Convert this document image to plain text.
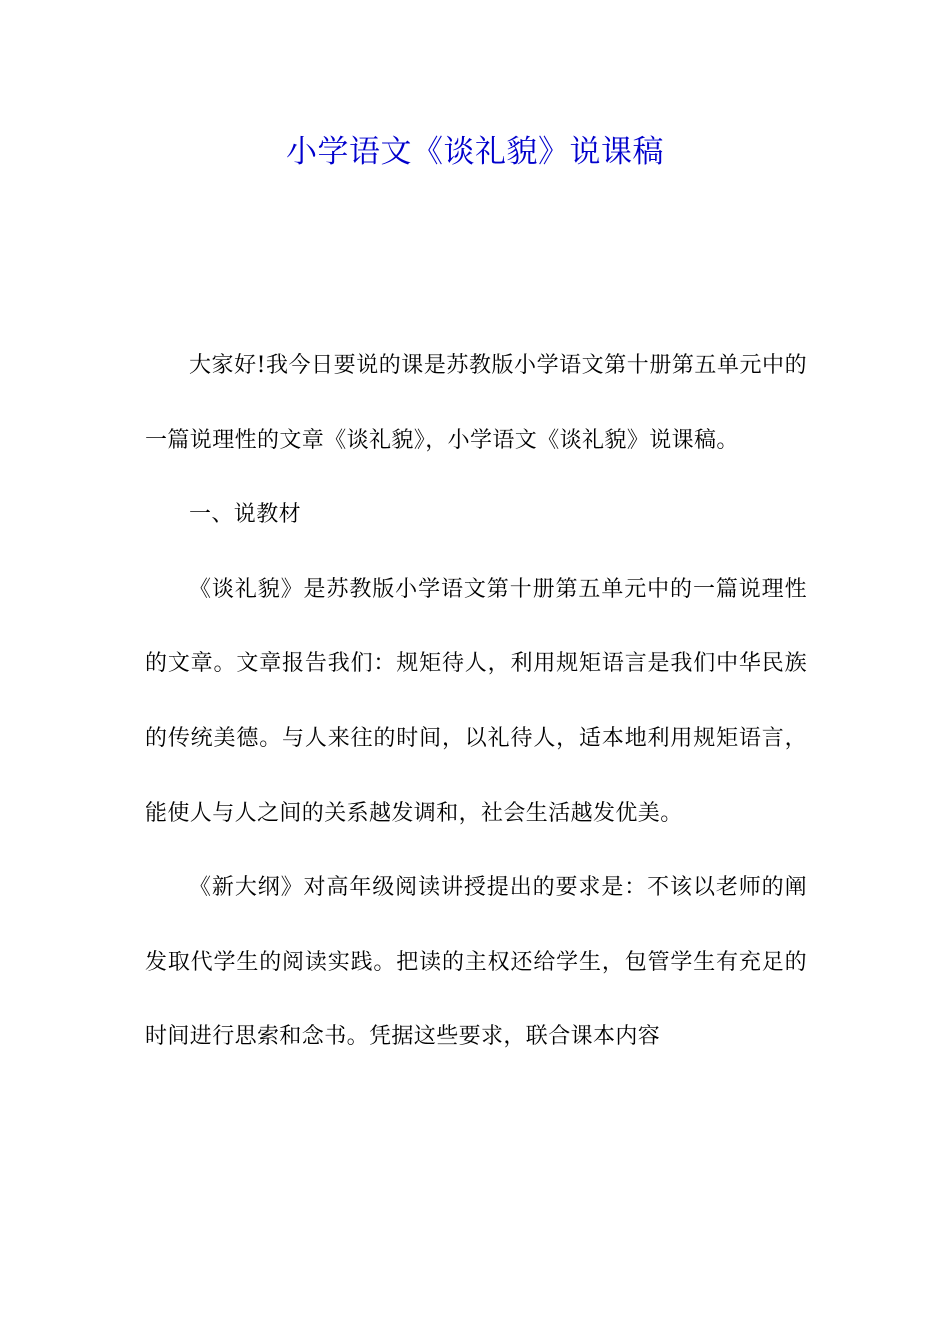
小学语文《谈礼貌》说课稿

大家好!我今日要说的课是苏教版小学语文第十册第五单元中的一篇说理性的文章《谈礼貌》，小学语文《谈礼貌》说课稿。

一、说教材

《谈礼貌》是苏教版小学语文第十册第五单元中的一篇说理性的文章。文章报告我们：规矩待人，利用规矩语言是我们中华民族的传统美德。与人来往的时间，以礼待人，适本地利用规矩语言，能使人与人之间的关系越发调和，社会生活越发优美。

《新大纲》对高年级阅读讲授提出的要求是：不该以老师的阐发取代学生的阅读实践。把读的主权还给学生，包管学生有充足的时间进行思索和念书。凭据这些要求，联合课本内容
